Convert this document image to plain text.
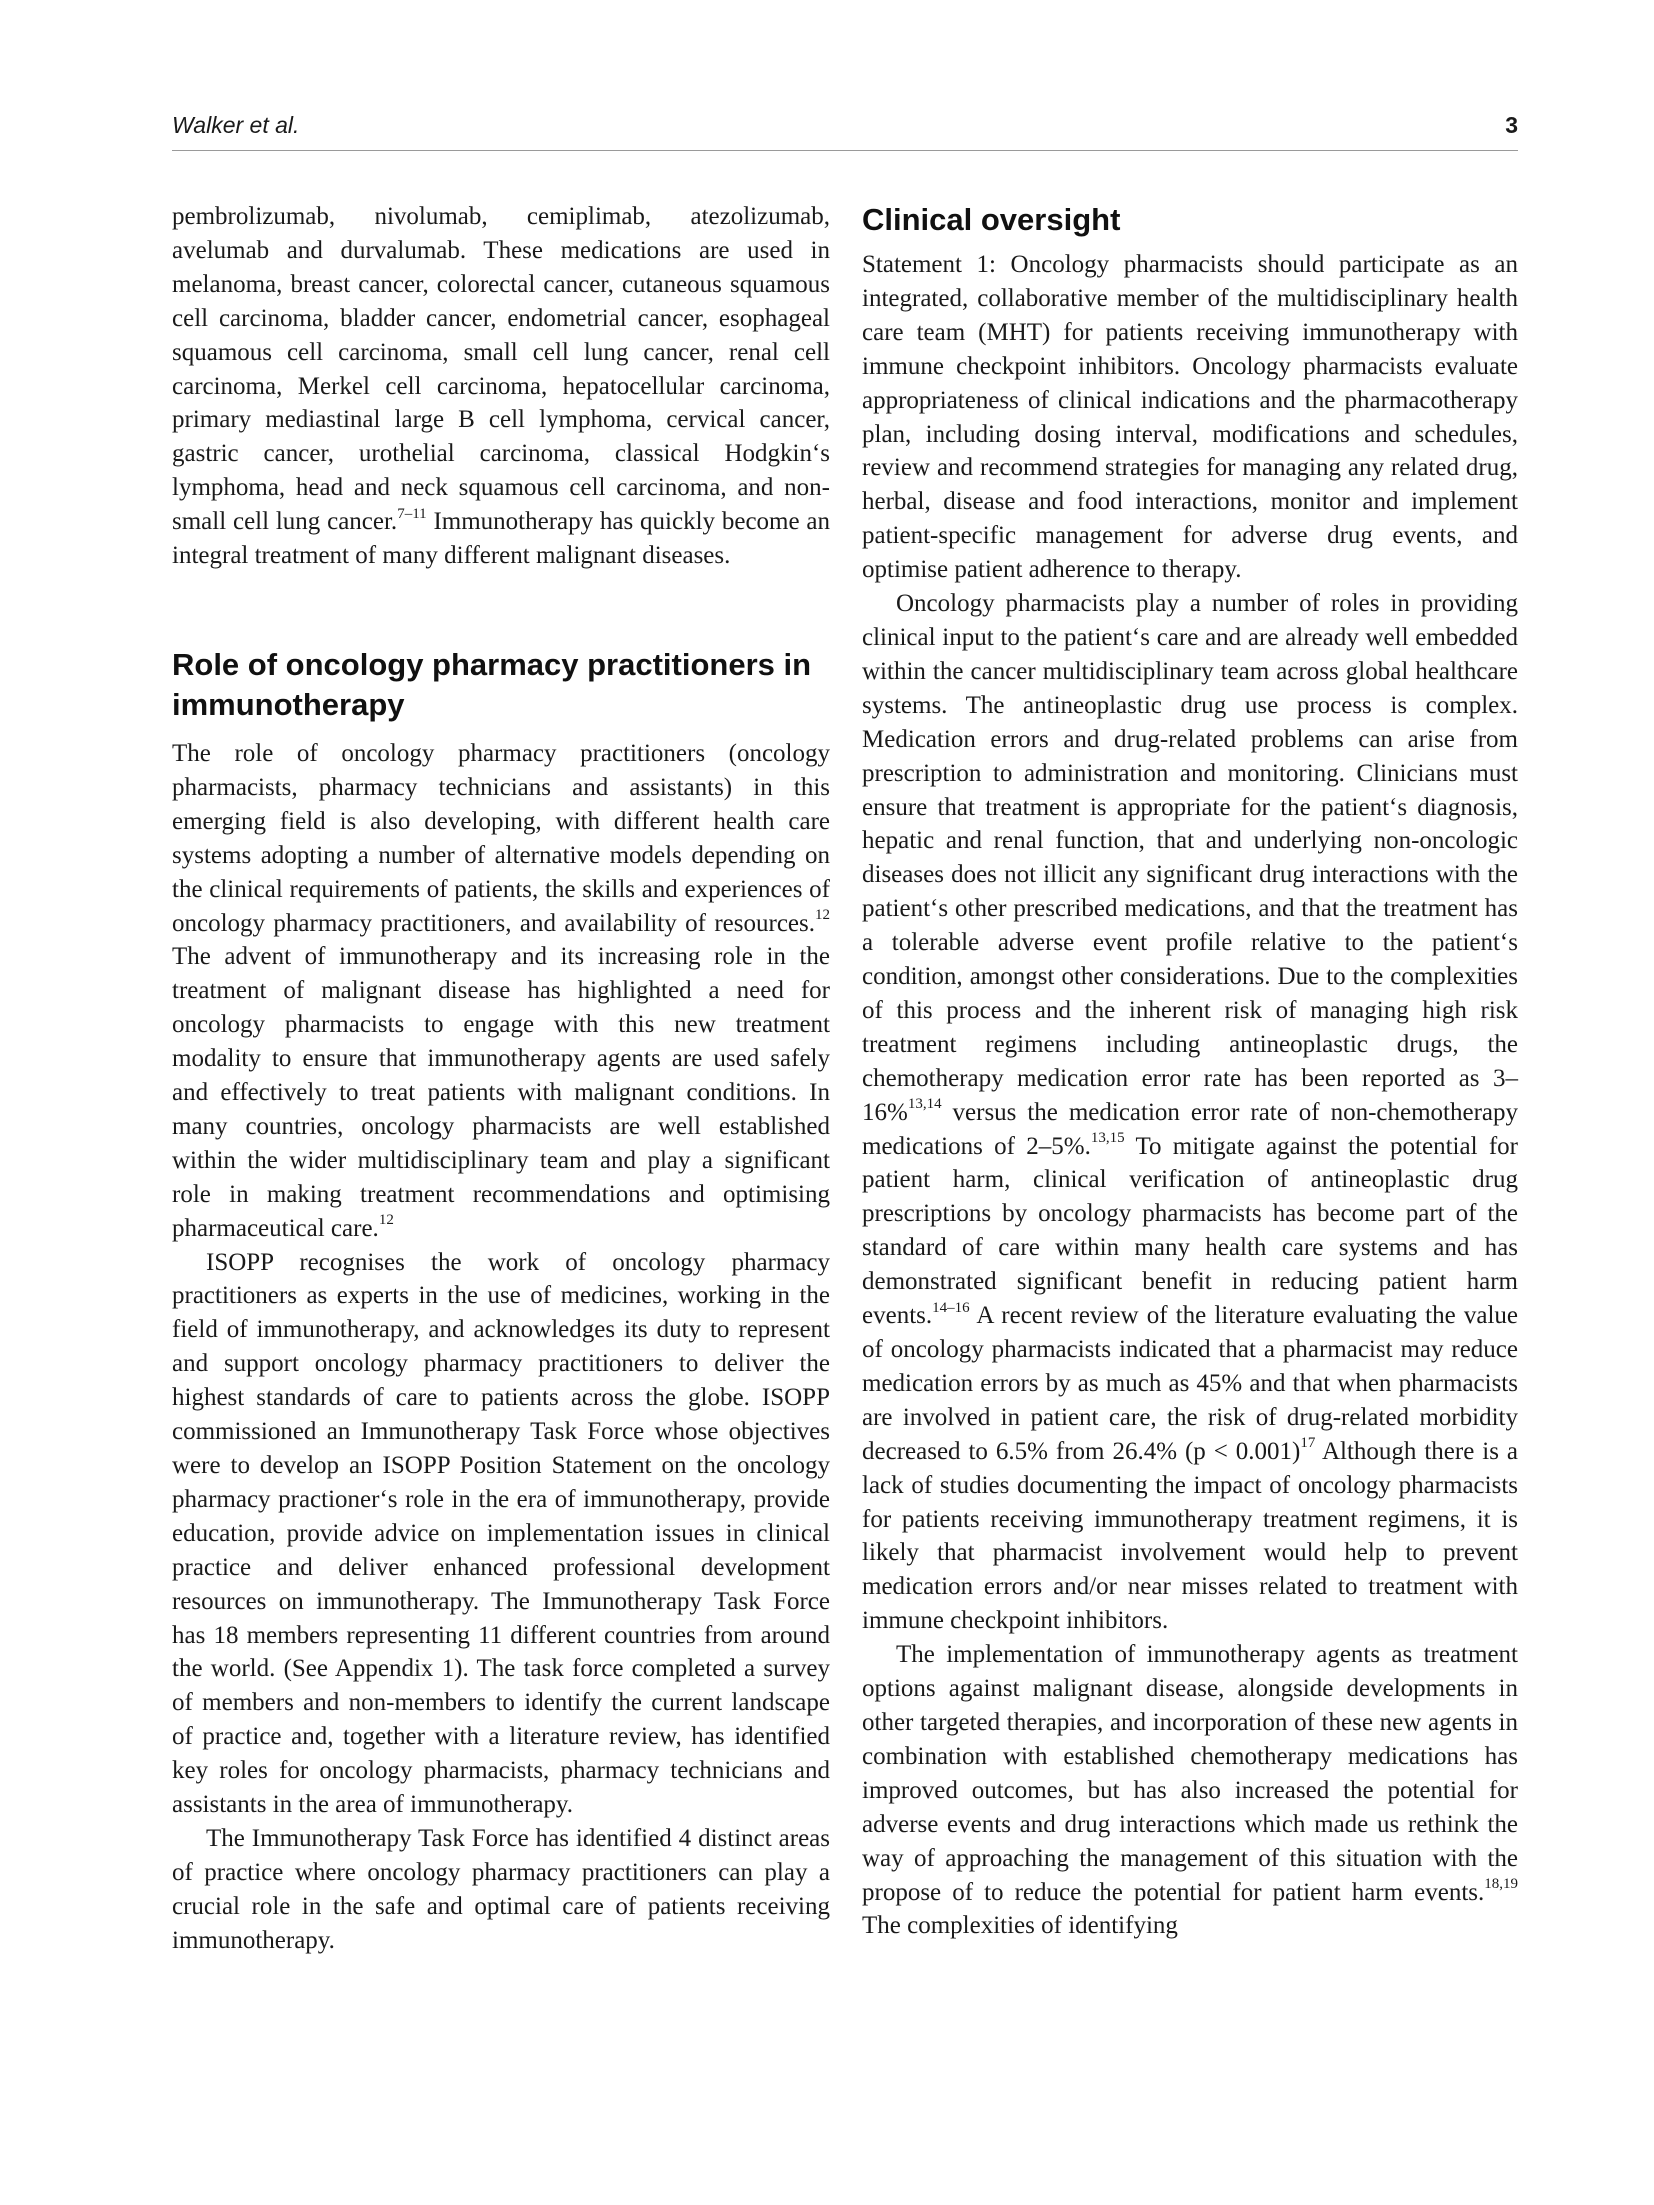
Walker et al.	3

pembrolizumab, nivolumab, cemiplimab, atezolizumab, avelumab and durvalumab. These medications are used in melanoma, breast cancer, colorectal cancer, cutaneous squamous cell carcinoma, bladder cancer, endometrial cancer, esophageal squamous cell carcinoma, small cell lung cancer, renal cell carcinoma, Merkel cell carcinoma, hepatocellular carcinoma, primary mediastinal large B cell lymphoma, cervical cancer, gastric cancer, urothelial carcinoma, classical Hodgkin‘s lymphoma, head and neck squamous cell carcinoma, and non-small cell lung cancer.$^{7-11}$ Immunotherapy has quickly become an integral treatment of many different malignant diseases.

Role of oncology pharmacy practitioners in immunotherapy

The role of oncology pharmacy practitioners (oncology pharmacists, pharmacy technicians and assistants) in this emerging field is also developing, with different health care systems adopting a number of alternative models depending on the clinical requirements of patients, the skills and experiences of oncology pharmacy practitioners, and availability of resources.$^{12}$ The advent of immunotherapy and its increasing role in the treatment of malignant disease has highlighted a need for oncology pharmacists to engage with this new treatment modality to ensure that immunotherapy agents are used safely and effectively to treat patients with malignant conditions. In many countries, oncology pharmacists are well established within the wider multidisciplinary team and play a significant role in making treatment recommendations and optimising pharmaceutical care.$^{12}$

ISOPP recognises the work of oncology pharmacy practitioners as experts in the use of medicines, working in the field of immunotherapy, and acknowledges its duty to represent and support oncology pharmacy practitioners to deliver the highest standards of care to patients across the globe. ISOPP commissioned an Immunotherapy Task Force whose objectives were to develop an ISOPP Position Statement on the oncology pharmacy practioner‘s role in the era of immunotherapy, provide education, provide advice on implementation issues in clinical practice and deliver enhanced professional development resources on immunotherapy. The Immunotherapy Task Force has 18 members representing 11 different countries from around the world. (See Appendix 1). The task force completed a survey of members and non-members to identify the current landscape of practice and, together with a literature review, has identified key roles for oncology pharmacists, pharmacy technicians and assistants in the area of immunotherapy.

The Immunotherapy Task Force has identified 4 distinct areas of practice where oncology pharmacy practitioners can play a crucial role in the safe and optimal care of patients receiving immunotherapy.

Clinical oversight

Statement 1: Oncology pharmacists should participate as an integrated, collaborative member of the multidisciplinary health care team (MHT) for patients receiving immunotherapy with immune checkpoint inhibitors. Oncology pharmacists evaluate appropriateness of clinical indications and the pharmacotherapy plan, including dosing interval, modifications and schedules, review and recommend strategies for managing any related drug, herbal, disease and food interactions, monitor and implement patient-specific management for adverse drug events, and optimise patient adherence to therapy.

Oncology pharmacists play a number of roles in providing clinical input to the patient‘s care and are already well embedded within the cancer multidisciplinary team across global healthcare systems. The antineoplastic drug use process is complex. Medication errors and drug-related problems can arise from prescription to administration and monitoring. Clinicians must ensure that treatment is appropriate for the patient‘s diagnosis, hepatic and renal function, that and underlying non-oncologic diseases does not illicit any significant drug interactions with the patient‘s other prescribed medications, and that the treatment has a tolerable adverse event profile relative to the patient‘s condition, amongst other considerations. Due to the complexities of this process and the inherent risk of managing high risk treatment regimens including antineoplastic drugs, the chemotherapy medication error rate has been reported as 3–16%$^{13,14}$ versus the medication error rate of non-chemotherapy medications of 2–5%.$^{13,15}$ To mitigate against the potential for patient harm, clinical verification of antineoplastic drug prescriptions by oncology pharmacists has become part of the standard of care within many health care systems and has demonstrated significant benefit in reducing patient harm events.$^{14-16}$ A recent review of the literature evaluating the value of oncology pharmacists indicated that a pharmacist may reduce medication errors by as much as 45% and that when pharmacists are involved in patient care, the risk of drug-related morbidity decreased to 6.5% from 26.4% (p < 0.001)$^{17}$ Although there is a lack of studies documenting the impact of oncology pharmacists for patients receiving immunotherapy treatment regimens, it is likely that pharmacist involvement would help to prevent medication errors and/or near misses related to treatment with immune checkpoint inhibitors.

The implementation of immunotherapy agents as treatment options against malignant disease, alongside developments in other targeted therapies, and incorporation of these new agents in combination with established chemotherapy medications has improved outcomes, but has also increased the potential for adverse events and drug interactions which made us rethink the way of approaching the management of this situation with the propose of to reduce the potential for patient harm events.$^{18,19}$ The complexities of identifying
